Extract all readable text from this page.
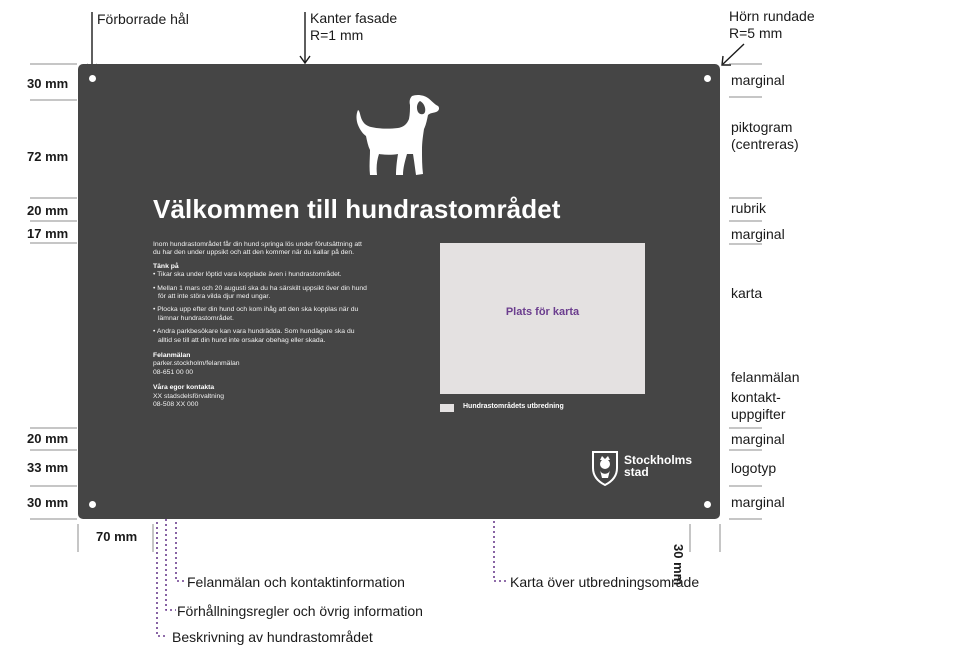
Förborrade hål	Kanter fasade
R=1 mm
Hörn rundade
R=5 mm
30 mm
72 mm
20 mm
17 mm
20 mm
33 mm
30 mm
70 mm
30 mm
marginal
piktogram
(centreras)
rubrik
marginal
karta
felanmälan
kontakt-
uppgifter
marginal
logotyp
marginal
Välkommen till hundrastområdet
Inom hundrastområdet får din hund springa lös under förutsättning att
du har den under uppsikt och att den kommer när du kallar på den.
Tänk på
• Tikar ska under löptid vara kopplade även i hundrastområdet.
• Mellan 1 mars och 20 augusti ska du ha särskilt uppsikt över din hund
för att inte störa vilda djur med ungar.
• Plocka upp efter din hund och kom ihåg att den ska kopplas när du
lämnar hundrastområdet.
• Andra parkbesökare kan vara hundrädda. Som hundägare ska du
alltid se till att din hund inte orsakar obehag eller skada.
Felanmälan
parker.stockholm/felanmälan
08-651 00 00
Våra egor kontakta
XX stadsdelsförvaltning
08-508 XX 000
Plats för karta
Hundrastområdets utbredning
Stockholms
stad
Felanmälan och kontaktinformation
Förhållningsregler och övrig information
Beskrivning av hundrastområdet
Karta över utbredningsområde
